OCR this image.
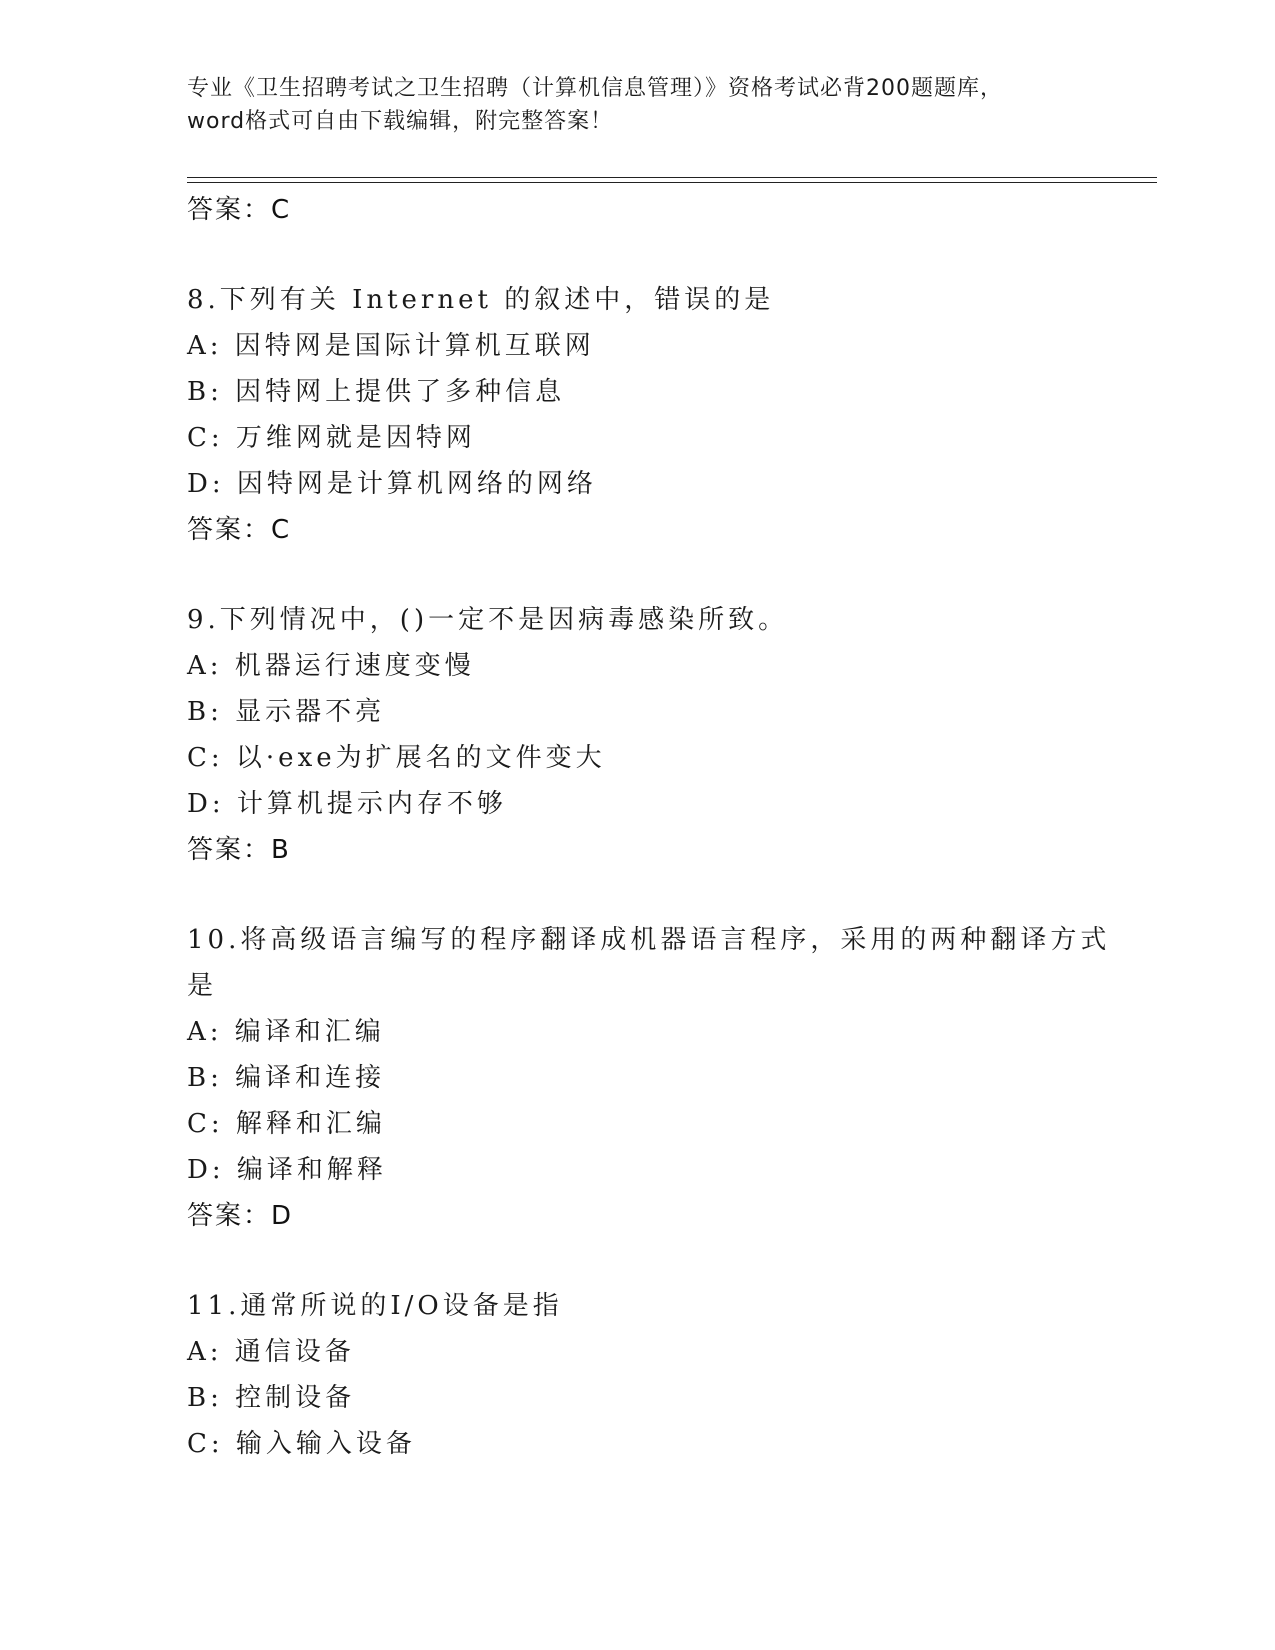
专业《卫生招聘考试之卫生招聘（计算机信息管理）》资格考试必背200题题库，
word格式可自由下载编辑，附完整答案！
答案：C
8.下列有关 Internet 的叙述中，错误的是
A: 因特网是国际计算机互联网
B: 因特网上提供了多种信息
C: 万维网就是因特网
D: 因特网是计算机网络的网络
答案：C
9.下列情况中，()一定不是因病毒感染所致。
A: 机器运行速度变慢
B: 显示器不亮
C: 以·exe为扩展名的文件变大
D: 计算机提示内存不够
答案：B
10.将高级语言编写的程序翻译成机器语言程序，采用的两种翻译方式
是
A: 编译和汇编
B: 编译和连接
C: 解释和汇编
D: 编译和解释
答案：D
11.通常所说的I/O设备是指
A: 通信设备
B: 控制设备
C: 输入输入设备
